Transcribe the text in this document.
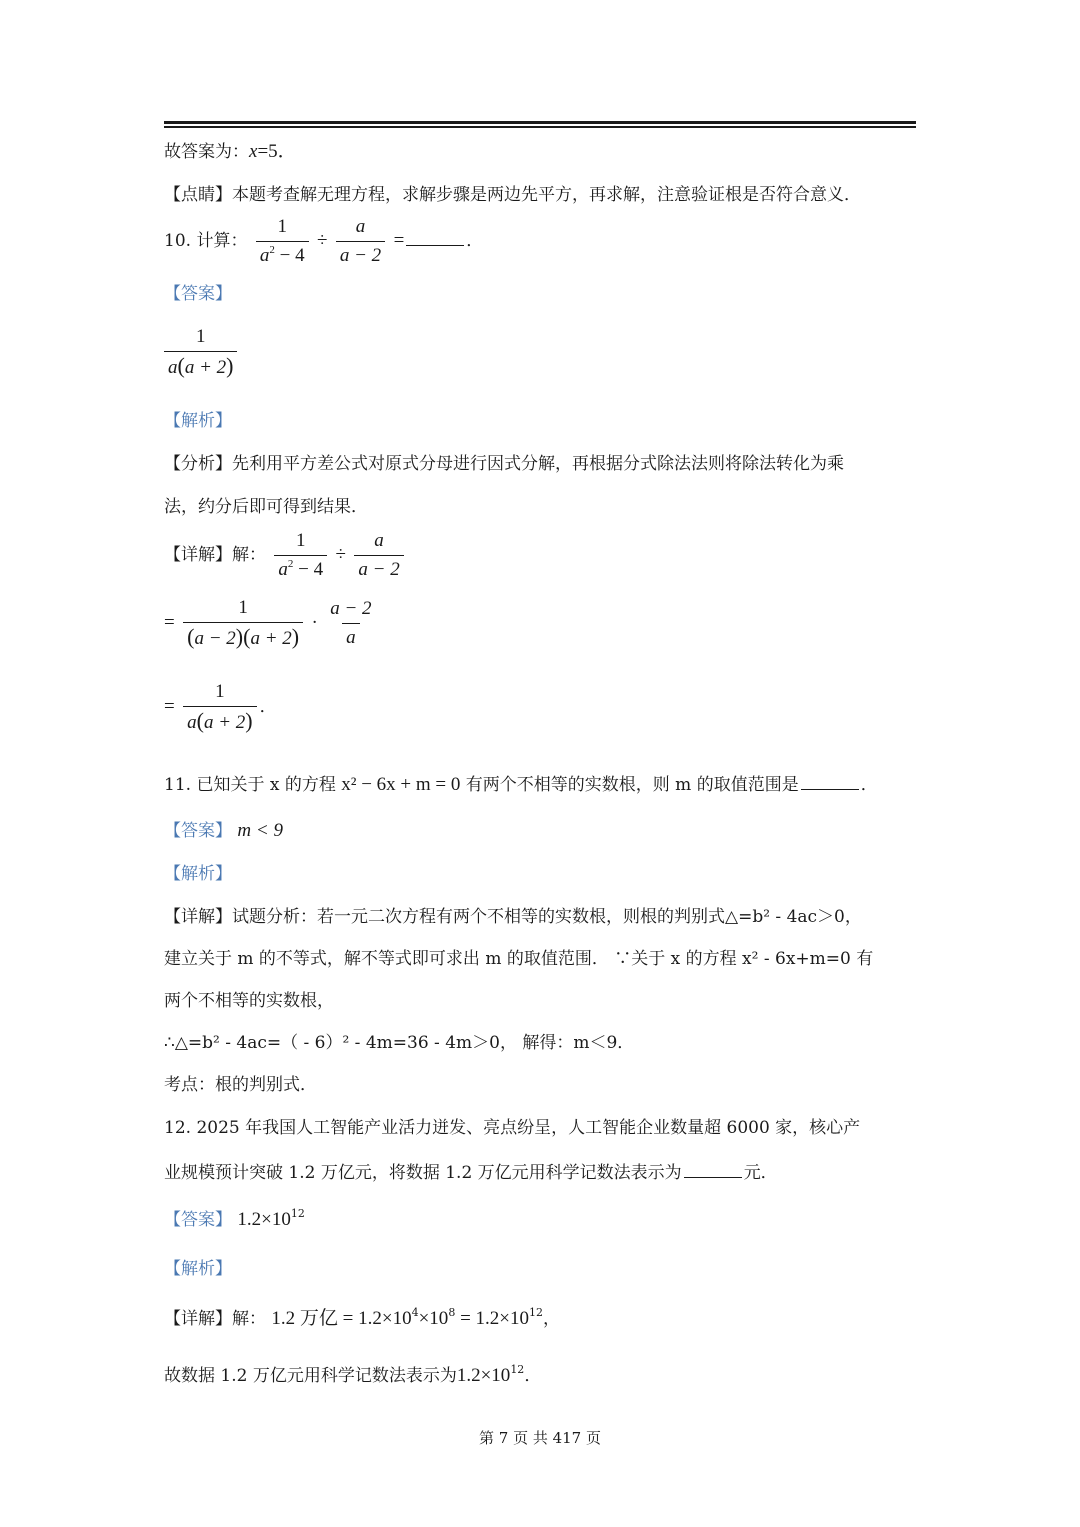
故答案为：x=5．
【点睛】本题考查解无理方程，求解步骤是两边先平方，再求解，注意验证根是否符合意义．
10. 计算： $\frac{1}{a^2 - 4} \div \frac{a}{a - 2}$ =	．
【答案】
$\frac{1}{a(a + 2)}$
【解析】
【分析】先利用平方差公式对原式分母进行因式分解，再根据分式除法法则将除法转化为乘
法，约分后即可得到结果．
【详解】解： $\frac{1}{a^2 - 4} \div \frac{a}{a - 2}$
= $\frac{1}{(a - 2)(a + 2)} \cdot \frac{a - 2}{a}$
= $\frac{1}{a(a + 2)}$ ．
11. 已知关于 x 的方程 x² − 6x + m = 0 有两个不相等的实数根，则 m 的取值范围是	．
【答案】 m < 9
【解析】
【详解】试题分析：若一元二次方程有两个不相等的实数根，则根的判别式△=b² ‐ 4ac＞0，
建立关于 m 的不等式，解不等式即可求出 m 的取值范围． ∵关于 x 的方程 x² ‐ 6x+m=0 有
两个不相等的实数根，
∴△=b² ‐ 4ac=（ ‐ 6）² ‐ 4m=36 ‐ 4m＞0， 解得：m＜9．
考点：根的判别式．
12. 2025 年我国人工智能产业活力迸发、亮点纷呈，人工智能企业数量超 6000 家，核心产
业规模预计突破 1.2 万亿元，将数据 1.2 万亿元用科学记数法表示为	元．
【答案】 $1.2\times 10^{12}$
【解析】
【详解】解： 1.2 万亿 = $1.2\times 10^4\times 10^8 = 1.2\times 10^{12}$，
故数据 1.2 万亿元用科学记数法表示为$1.2\times 10^{12}$．
第 7 页 共 417 页
